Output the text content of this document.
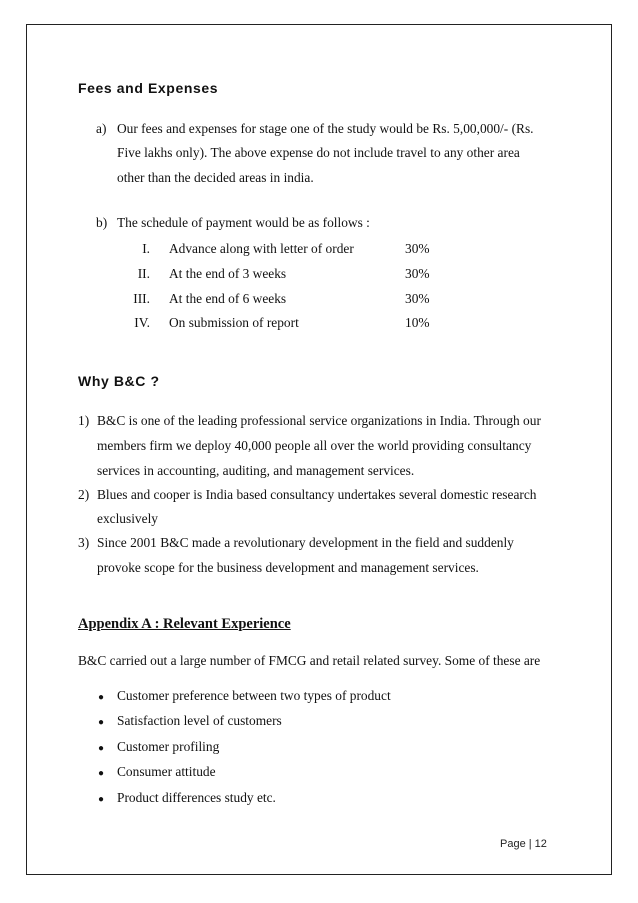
Fees and Expenses
a) Our fees and expenses for stage one of the study would be Rs. 5,00,000/- (Rs.
Five lakhs only). The above expense do not include travel to any other area
other than the decided areas in india.
b) The schedule of payment would be as follows :
I. Advance along with letter of order	30%
II. At the end of 3 weeks	30%
III. At the end of 6 weeks	30%
IV. On submission of report	10%
Why B&C ?
1) B&C is one of the leading professional service organizations in India. Through our
members firm we deploy 40,000 people all over the world providing consultancy
services in accounting, auditing, and management services.
2) Blues and cooper is India based consultancy undertakes several domestic research
exclusively
3) Since 2001 B&C made a revolutionary development in the field and suddenly
provoke scope for the business development and management services.
Appendix A : Relevant Experience
B&C carried out a large number of FMCG and retail related survey. Some of these are
● Customer preference between two types of product
● Satisfaction level of customers
● Customer profiling
● Consumer attitude
● Product differences study etc.
Page | 12
